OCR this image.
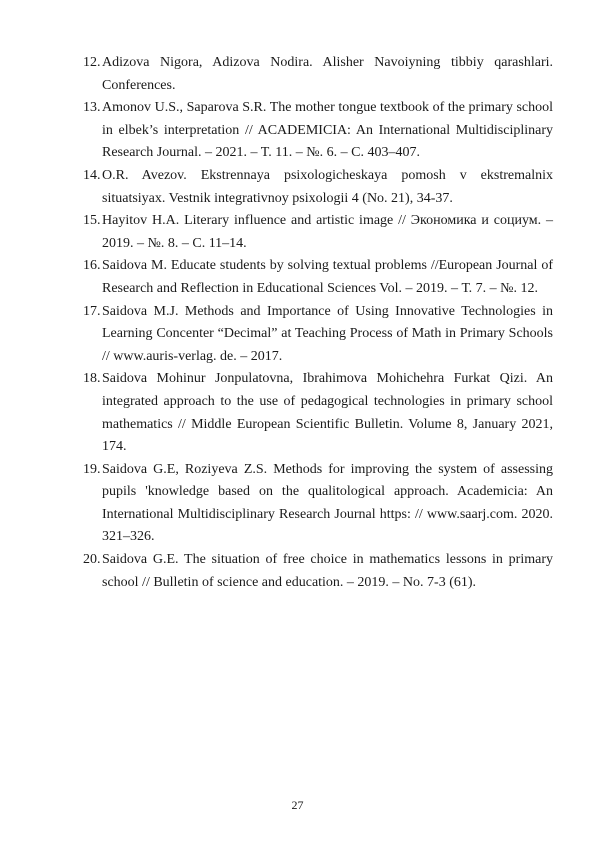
12. Adizova Nigora, Adizova Nodira. Alisher Navoiyning tibbiy qarashlari. Conferences.
13. Amonov U.S., Saparova S.R. The mother tongue textbook of the primary school in elbek’s interpretation // ACADEMICIA: An International Multidisciplinary Research Journal. – 2021. – T. 11. – №. 6. – С. 403–407.
14. O.R. Avezov. Ekstrennaya psixologicheskaya pomosh v ekstremalnix situatsiyax. Vestnik integrativnoy psixologii 4 (No. 21), 34-37.
15. Hayitov H.A. Literary influence and artistic image // Экономика и социум. – 2019. – №. 8. – С. 11–14.
16. Saidova M. Educate students by solving textual problems //European Journal of Research and Reflection in Educational Sciences Vol. – 2019. – Т. 7. – №. 12.
17. Saidova M.J. Methods and Importance of Using Innovative Technologies in Learning Concenter “Decimal” at Teaching Process of Math in Primary Schools // www.auris-verlag. de. – 2017.
18. Saidova Mohinur Jonpulatovna, Ibrahimova Mohichehra Furkat Qizi. An integrated approach to the use of pedagogical technologies in primary school mathematics // Middle European Scientific Bulletin. Volume 8, January 2021, 174.
19. Saidova G.E, Roziyeva Z.S. Methods for improving the system of assessing pupils 'knowledge based on the qualitological approach. Academicia: An International Multidisciplinary Research Journal https: // www.saarj.com. 2020. 321–326.
20. Saidova G.E. The situation of free choice in mathematics lessons in primary school // Bulletin of science and education. – 2019. – No. 7-3 (61).
27
